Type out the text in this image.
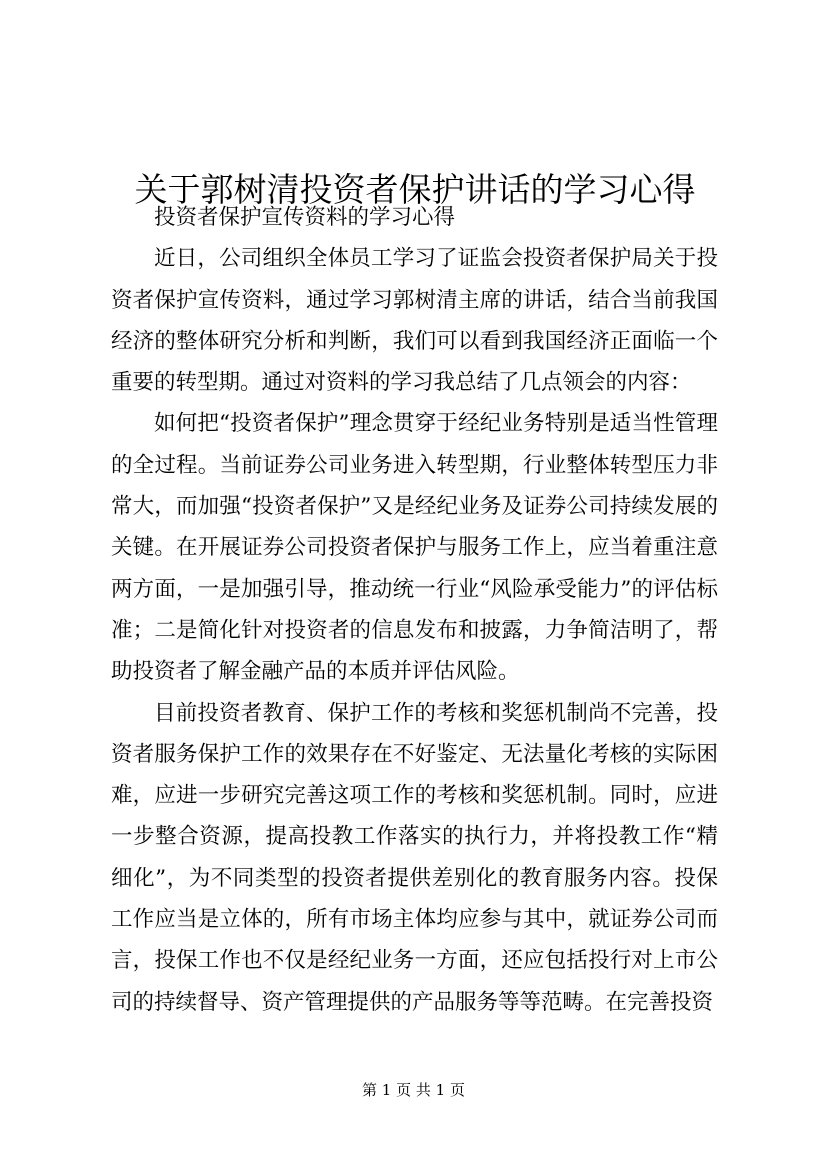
关于郭树清投资者保护讲话的学习心得

投资者保护宣传资料的学习心得

近日，公司组织全体员工学习了证监会投资者保护局关于投资者保护宣传资料，通过学习郭树清主席的讲话，结合当前我国经济的整体研究分析和判断，我们可以看到我国经济正面临一个重要的转型期。通过对资料的学习我总结了几点领会的内容：

如何把“投资者保护”理念贯穿于经纪业务特别是适当性管理的全过程。当前证券公司业务进入转型期，行业整体转型压力非常大，而加强“投资者保护”又是经纪业务及证券公司持续发展的关键。在开展证券公司投资者保护与服务工作上，应当着重注意两方面，一是加强引导，推动统一行业“风险承受能力”的评估标准；二是简化针对投资者的信息发布和披露，力争简洁明了，帮助投资者了解金融产品的本质并评估风险。

目前投资者教育、保护工作的考核和奖惩机制尚不完善，投资者服务保护工作的效果存在不好鉴定、无法量化考核的实际困难，应进一步研究完善这项工作的考核和奖惩机制。同时，应进一步整合资源，提高投教工作落实的执行力，并将投教工作“精细化”，为不同类型的投资者提供差别化的教育服务内容。投保工作应当是立体的，所有市场主体均应参与其中，就证券公司而言，投保工作也不仅是经纪业务一方面，还应包括投行对上市公司的持续督导、资产管理提供的产品服务等等范畴。在完善投资

第 1 页 共 1 页
